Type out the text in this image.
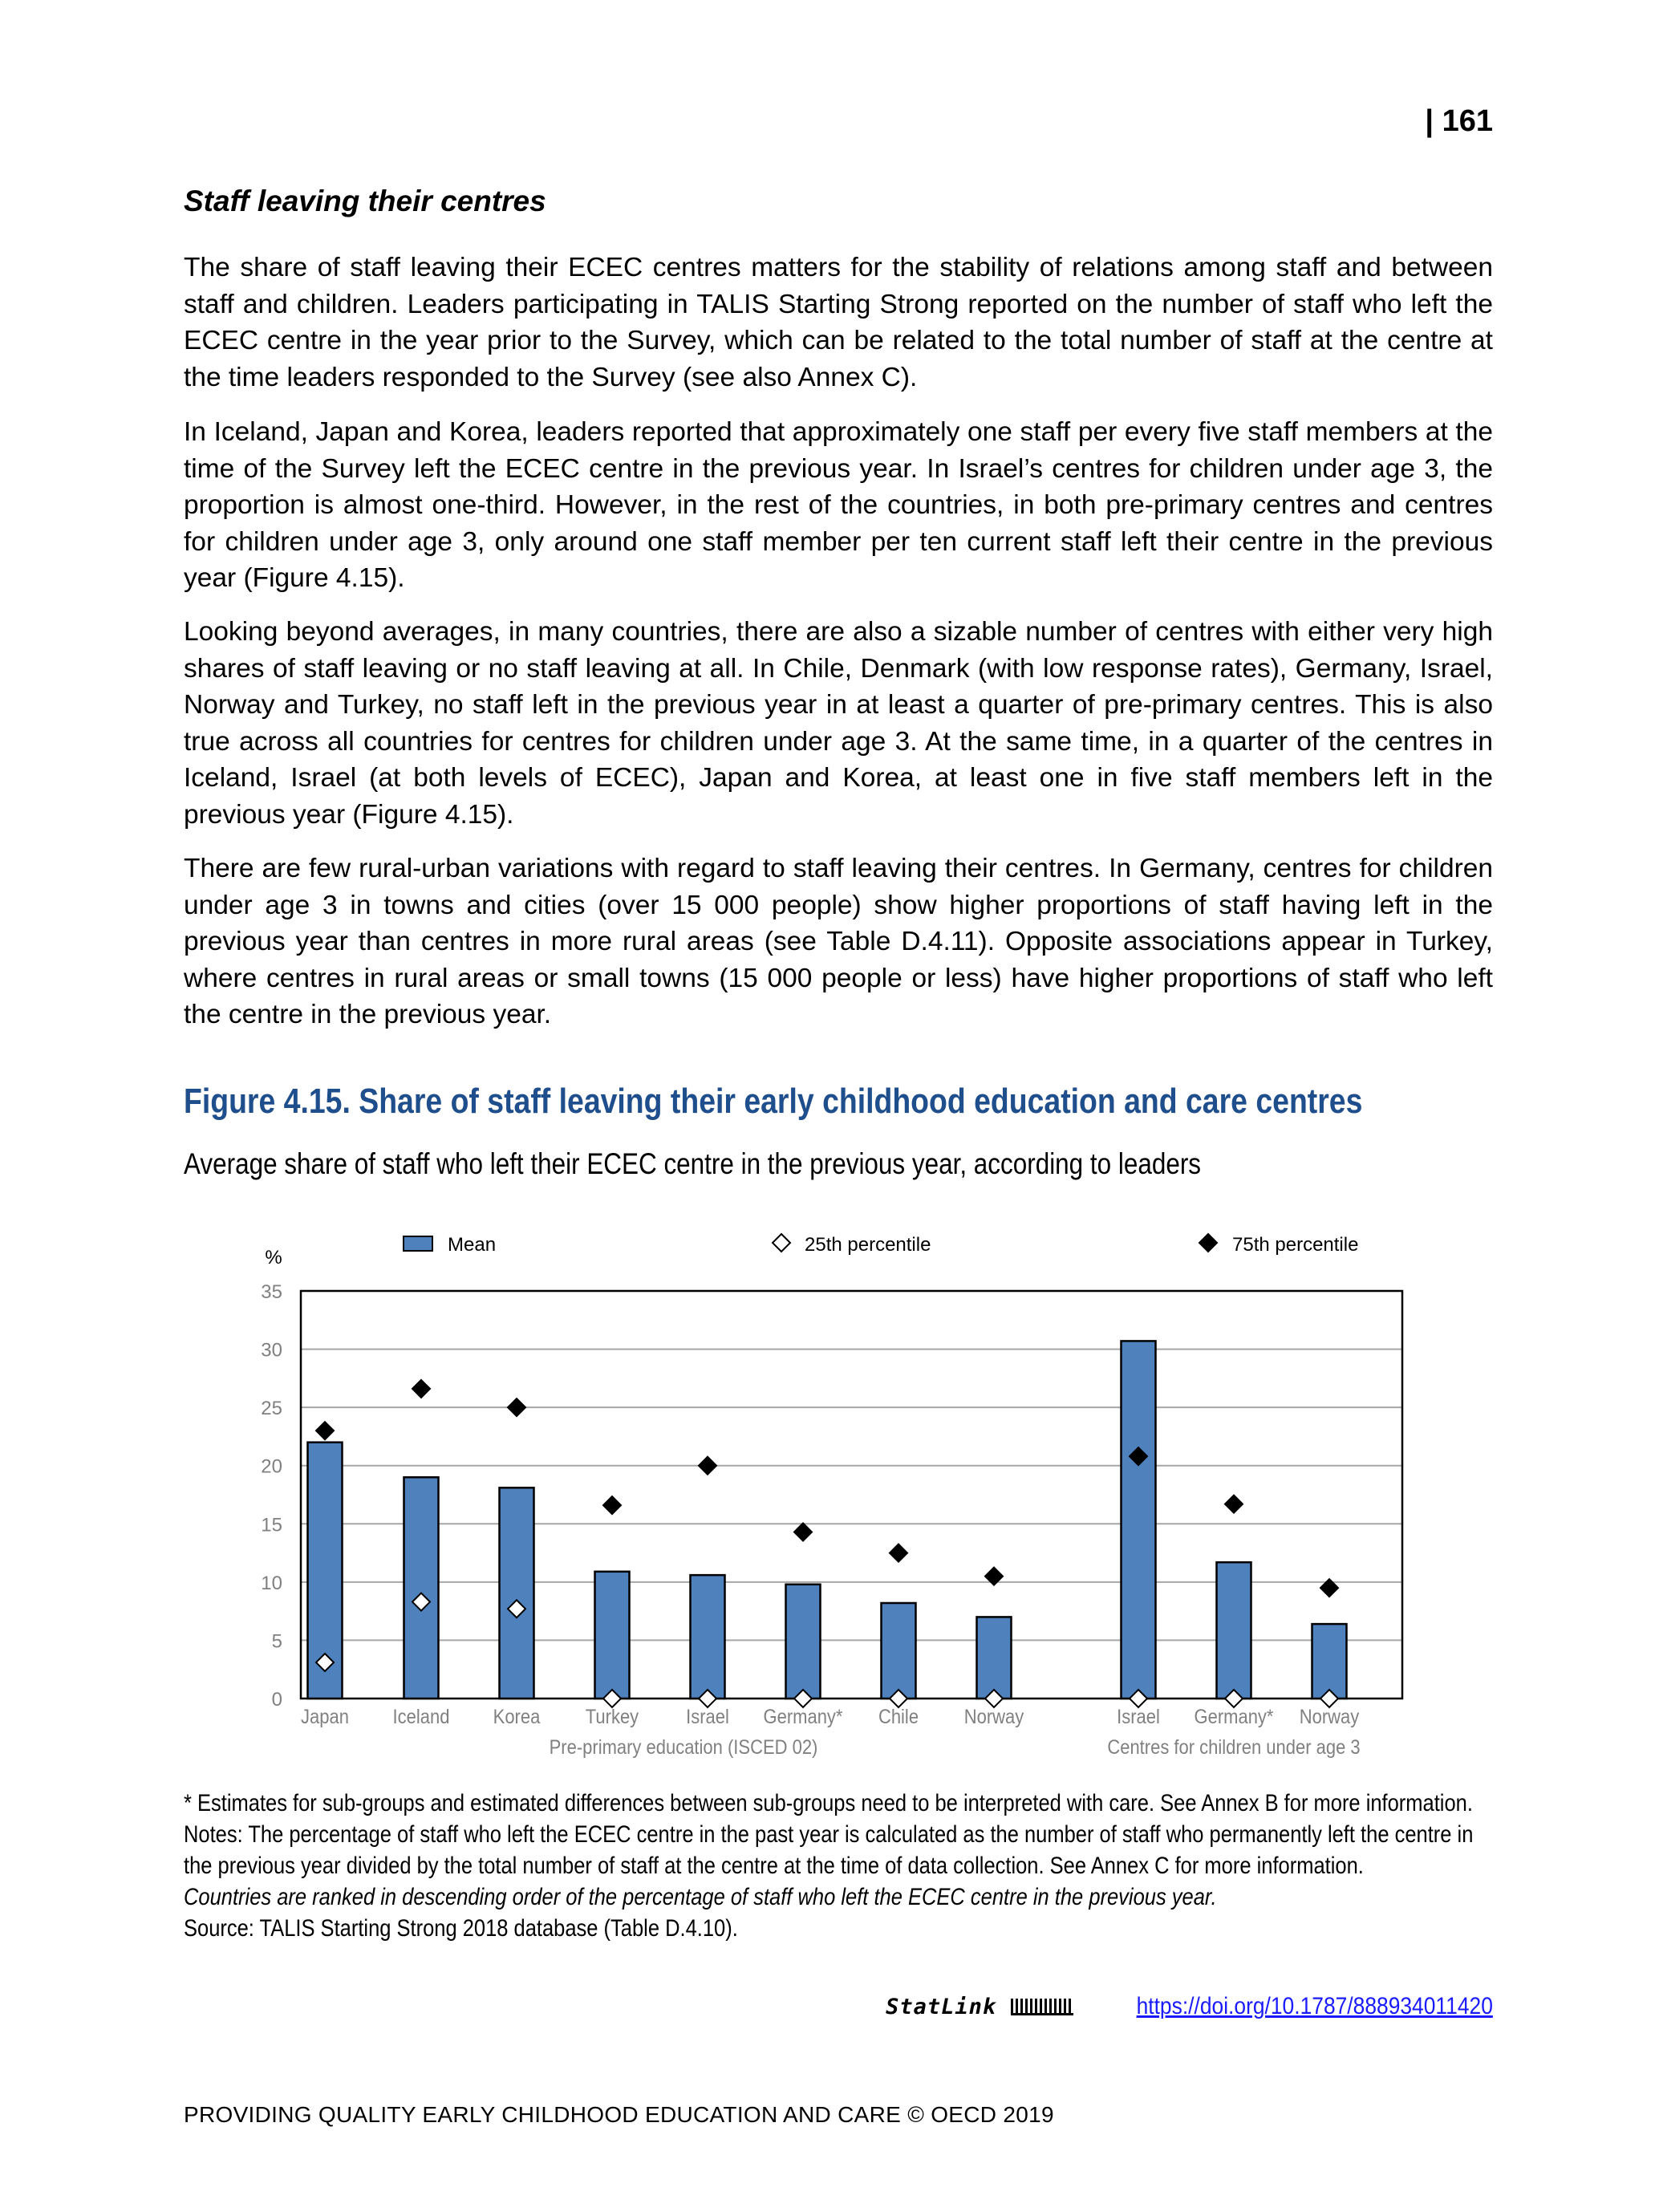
| 161
Staff leaving their centres

The share of staff leaving their ECEC centres matters for the stability of relations among staff and between staff and children. Leaders participating in TALIS Starting Strong reported on the number of staff who left the ECEC centre in the year prior to the Survey, which can be related to the total number of staff at the centre at the time leaders responded to the Survey (see also Annex C).

In Iceland, Japan and Korea, leaders reported that approximately one staff per every five staff members at the time of the Survey left the ECEC centre in the previous year. In Israel’s centres for children under age 3, the proportion is almost one-third. However, in the rest of the countries, in both pre-primary centres and centres for children under age 3, only around one staff member per ten current staff left their centre in the previous year (Figure 4.15).

Looking beyond averages, in many countries, there are also a sizable number of centres with either very high shares of staff leaving or no staff leaving at all. In Chile, Denmark (with low response rates), Germany, Israel, Norway and Turkey, no staff left in the previous year in at least a quarter of pre-primary centres. This is also true across all countries for centres for children under age 3. At the same time, in a quarter of the centres in Iceland, Israel (at both levels of ECEC), Japan and Korea, at least one in five staff members left in the previous year (Figure 4.15).

There are few rural-urban variations with regard to staff leaving their centres. In Germany, centres for children under age 3 in towns and cities (over 15 000 people) show higher proportions of staff having left in the previous year than centres in more rural areas (see Table D.4.11). Opposite associations appear in Turkey, where centres in rural areas or small towns (15 000 people or less) have higher proportions of staff who left the centre in the previous year.

Figure 4.15. Share of staff leaving their early childhood education and care centres
Average share of staff who left their ECEC centre in the previous year, according to leaders
0
5
10
15
20
25
30
35
%
Japan Iceland Korea Turkey Israel Germany* Chile Norway
Pre-primary education (ISCED 02)
Israel Germany* Norway
Centres for children under age 3
Mean	25th percentile	75th percentile
* Estimates for sub-groups and estimated differences between sub-groups need to be interpreted with care. See Annex B for more information.
Notes: The percentage of staff who left the ECEC centre in the past year is calculated as the number of staff who permanently left the centre in
the previous year divided by the total number of staff at the centre at the time of data collection. See Annex C for more information.
Countries are ranked in descending order of the percentage of staff who left the ECEC centre in the previous year.
Source: TALIS Starting Strong 2018 database (Table D.4.10).
StatLink	https://doi.org/10.1787/888934011420
PROVIDING QUALITY EARLY CHILDHOOD EDUCATION AND CARE © OECD 2019
